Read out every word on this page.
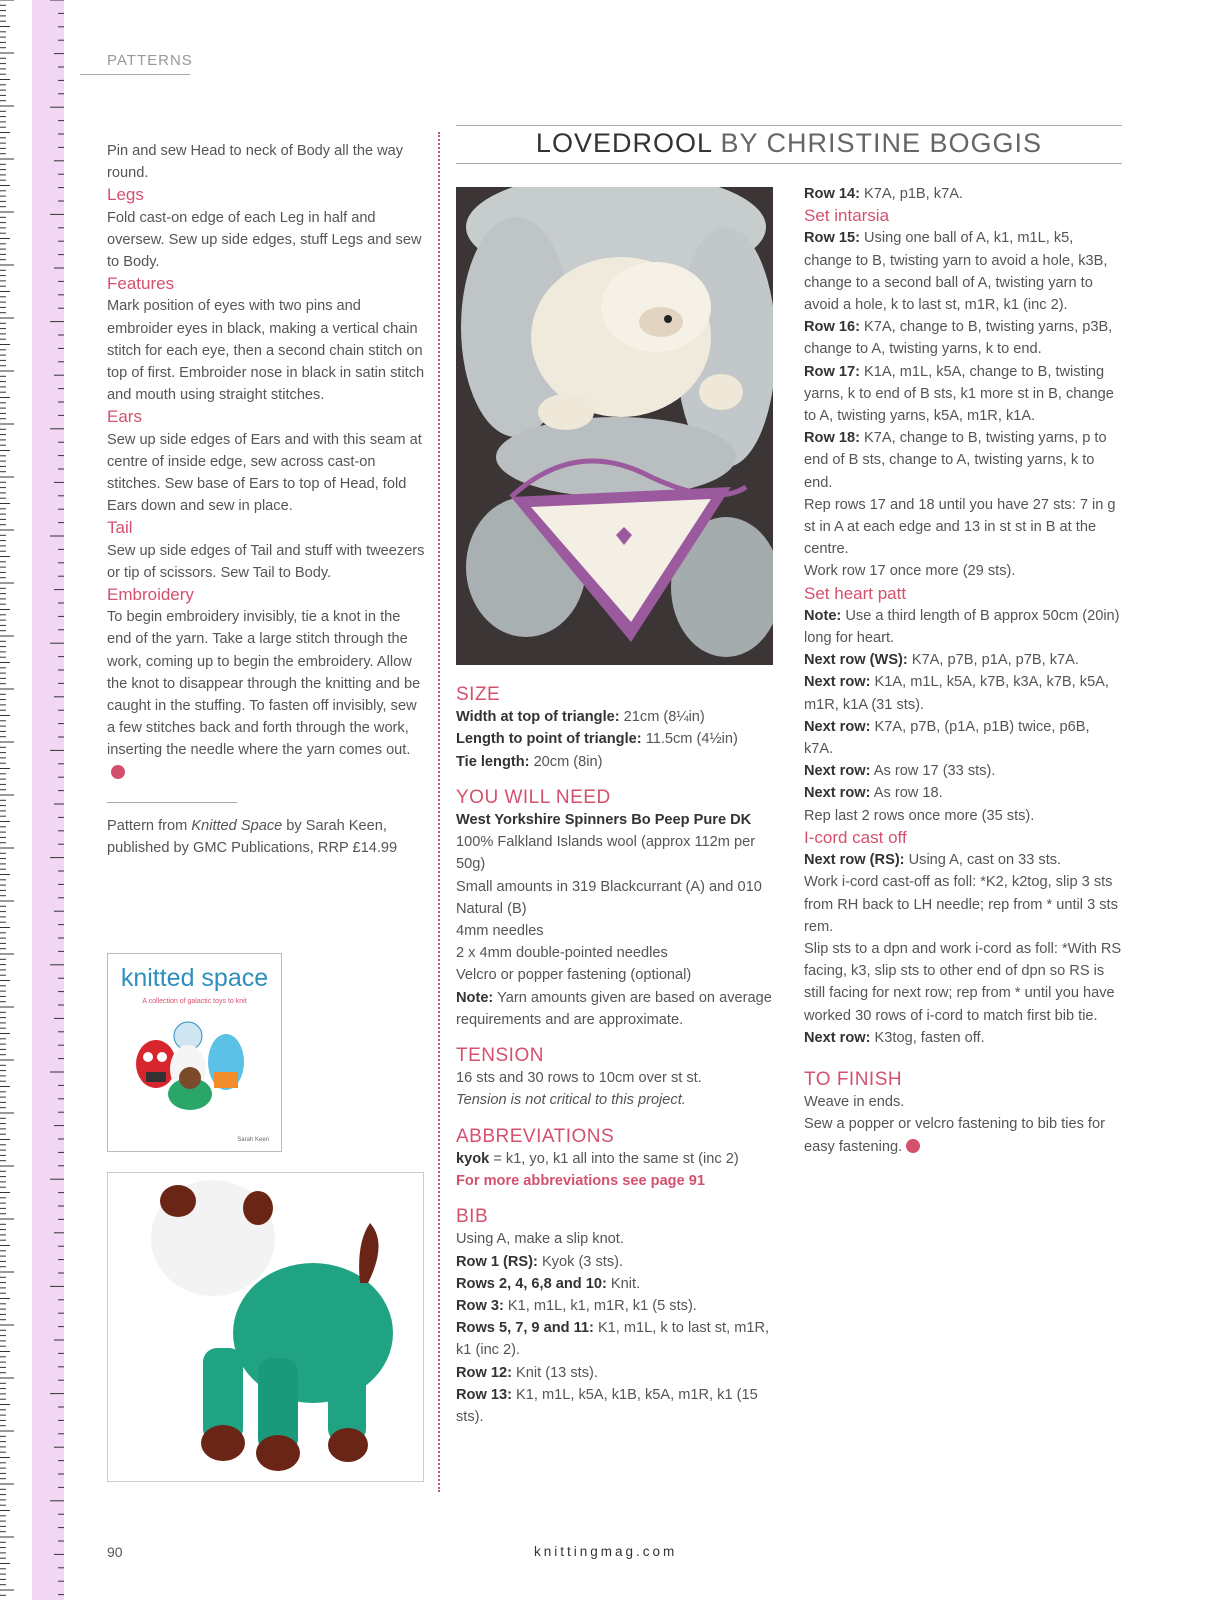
PATTERNS
LOVEDROOL BY CHRISTINE BOGGIS

Pin and sew Head to neck of Body all the way round.

Legs

Fold cast-on edge of each Leg in half and oversew. Sew up side edges, stuff Legs and sew to Body.

Features

Mark position of eyes with two pins and embroider eyes in black, making a vertical chain stitch for each eye, then a second chain stitch on top of first. Embroider nose in black in satin stitch and mouth using straight stitches.

Ears

Sew up side edges of Ears and with this seam at centre of inside edge, sew across cast-on stitches. Sew base of Ears to top of Head, fold Ears down and sew in place.

Tail

Sew up side edges of Tail and stuff with tweezers or tip of scissors. Sew Tail to Body.

Embroidery

To begin embroidery invisibly, tie a knot in the end of the yarn. Take a large stitch through the work, coming up to begin the embroidery. Allow the knot to disappear through the knitting and be caught in the stuffing. To fasten off invisibly, sew a few stitches back and forth through the work, inserting the needle where the yarn comes out.

Pattern from Knitted Space by Sarah Keen, published by GMC Publications, RRP £14.99

knitted space
A collection of galactic toys to knit
Sarah Keen

SIZE

Width at top of triangle: 21cm (8¼in)

Length to point of triangle: 11.5cm (4½in)

Tie length: 20cm (8in)

YOU WILL NEED

West Yorkshire Spinners Bo Peep Pure DK 100% Falkland Islands wool (approx 112m per 50g)

Small amounts in 319 Blackcurrant (A) and 010 Natural (B)

4mm needles

2 x 4mm double-pointed needles

Velcro or popper fastening (optional)

Note: Yarn amounts given are based on average requirements and are approximate.

TENSION

16 sts and 30 rows to 10cm over st st.

Tension is not critical to this project.

ABBREVIATIONS

kyok = k1, yo, k1 all into the same st (inc 2)

For more abbreviations see page 91

BIB

Using A, make a slip knot.

Row 1 (RS): Kyok (3 sts).

Rows 2, 4, 6,8 and 10: Knit.

Row 3: K1, m1L, k1, m1R, k1 (5 sts).

Rows 5, 7, 9 and 11: K1, m1L, k to last st, m1R, k1 (inc 2).

Row 12: Knit (13 sts).

Row 13: K1, m1L, k5A, k1B, k5A, m1R, k1 (15 sts).

Row 14: K7A, p1B, k7A.

Set intarsia

Row 15: Using one ball of A, k1, m1L, k5, change to B, twisting yarn to avoid a hole, k3B, change to a second ball of A, twisting yarn to avoid a hole, k to last st, m1R, k1 (inc 2).

Row 16: K7A, change to B, twisting yarns, p3B, change to A, twisting yarns, k to end.

Row 17: K1A, m1L, k5A, change to B, twisting yarns, k to end of B sts, k1 more st in B, change to A, twisting yarns, k5A, m1R, k1A.

Row 18: K7A, change to B, twisting yarns, p to end of B sts, change to A, twisting yarns, k to end.

Rep rows 17 and 18 until you have 27 sts: 7 in g st in A at each edge and 13 in st st in B at the centre.

Work row 17 once more (29 sts).

Set heart patt

Note: Use a third length of B approx 50cm (20in) long for heart.

Next row (WS): K7A, p7B, p1A, p7B, k7A.

Next row: K1A, m1L, k5A, k7B, k3A, k7B, k5A, m1R, k1A (31 sts).

Next row: K7A, p7B, (p1A, p1B) twice, p6B, k7A.

Next row: As row 17 (33 sts).

Next row: As row 18.

Rep last 2 rows once more (35 sts).

I-cord cast off

Next row (RS): Using A, cast on 33 sts.

Work i-cord cast-off as foll: *K2, k2tog, slip 3 sts from RH back to LH needle; rep from * until 3 sts rem.

Slip sts to a dpn and work i-cord as foll: *With RS facing, k3, slip sts to other end of dpn so RS is still facing for next row; rep from * until you have worked 30 rows of i-cord to match first bib tie.

Next row: K3tog, fasten off.

TO FINISH

Weave in ends.

Sew a popper or velcro fastening to bib ties for easy fastening.

90	knittingmag.com
